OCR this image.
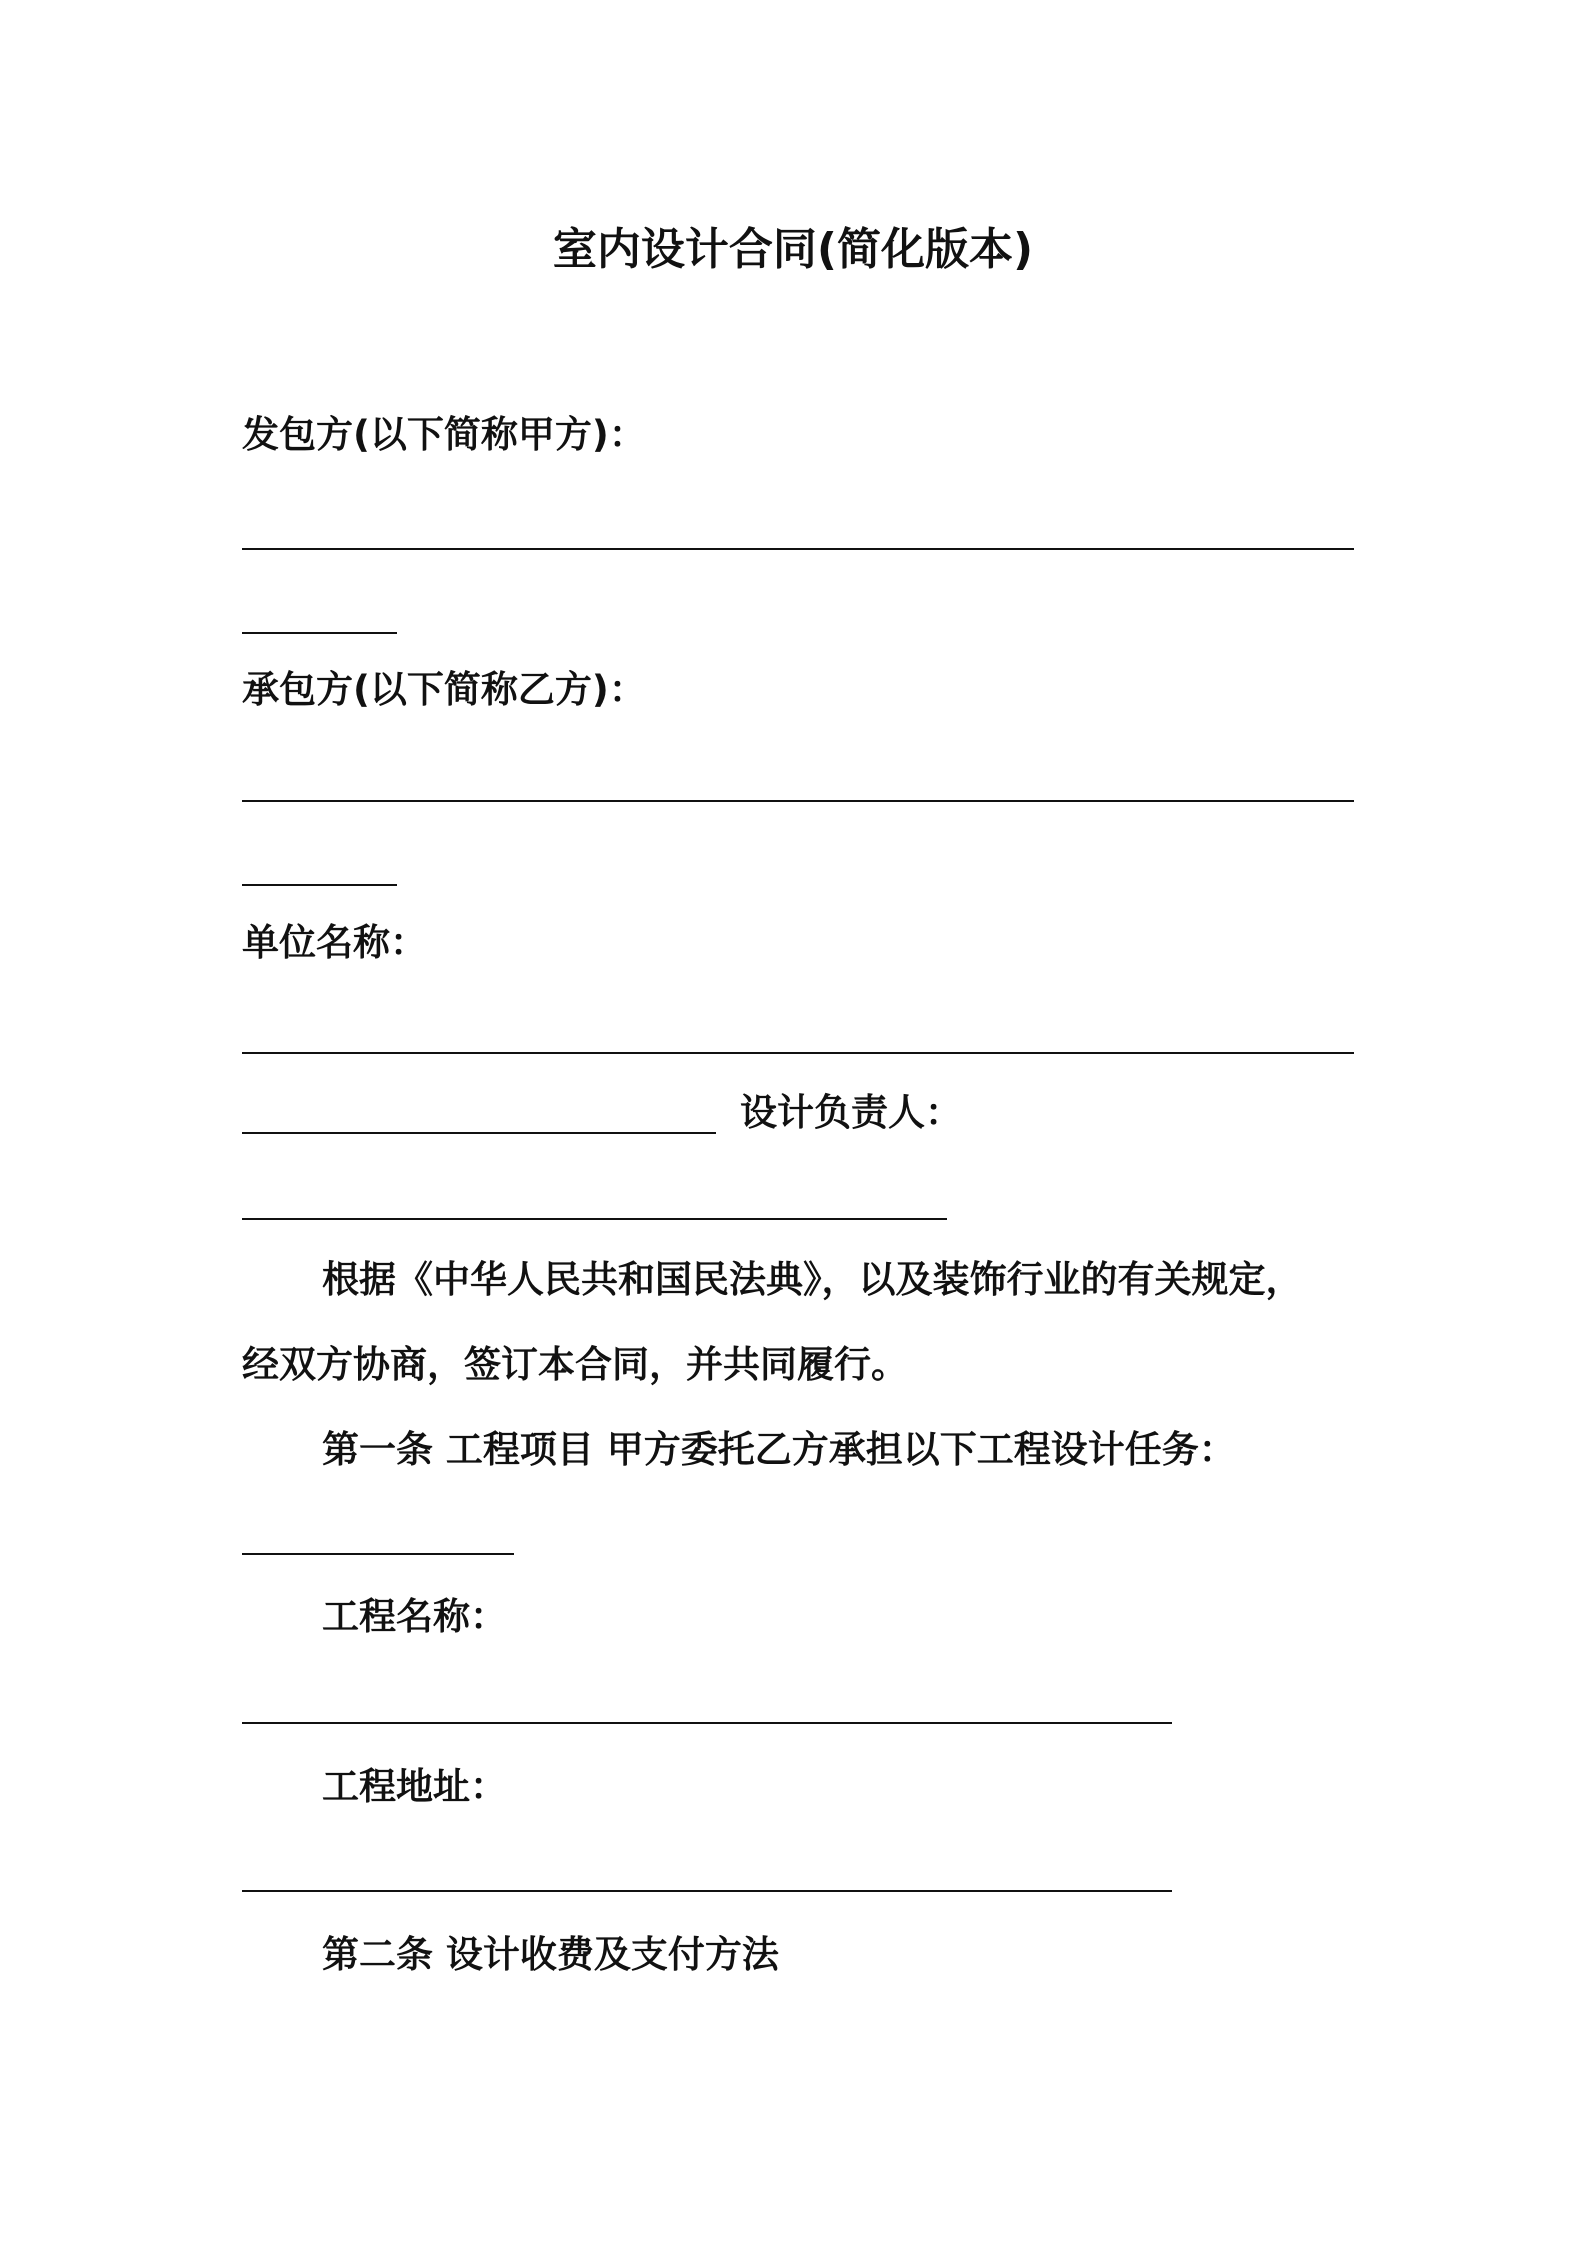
室内设计合同(简化版本)
发包方(以下简称甲方)：
承包方(以下简称乙方)：
单位名称：
设计负责人：
根据《中华人民共和国民法典》，以及装饰行业的有关规定，
经双方协商，签订本合同，并共同履行。
第一条 工程项目 甲方委托乙方承担以下工程设计任务：
工程名称：
工程地址：
第二条 设计收费及支付方法
